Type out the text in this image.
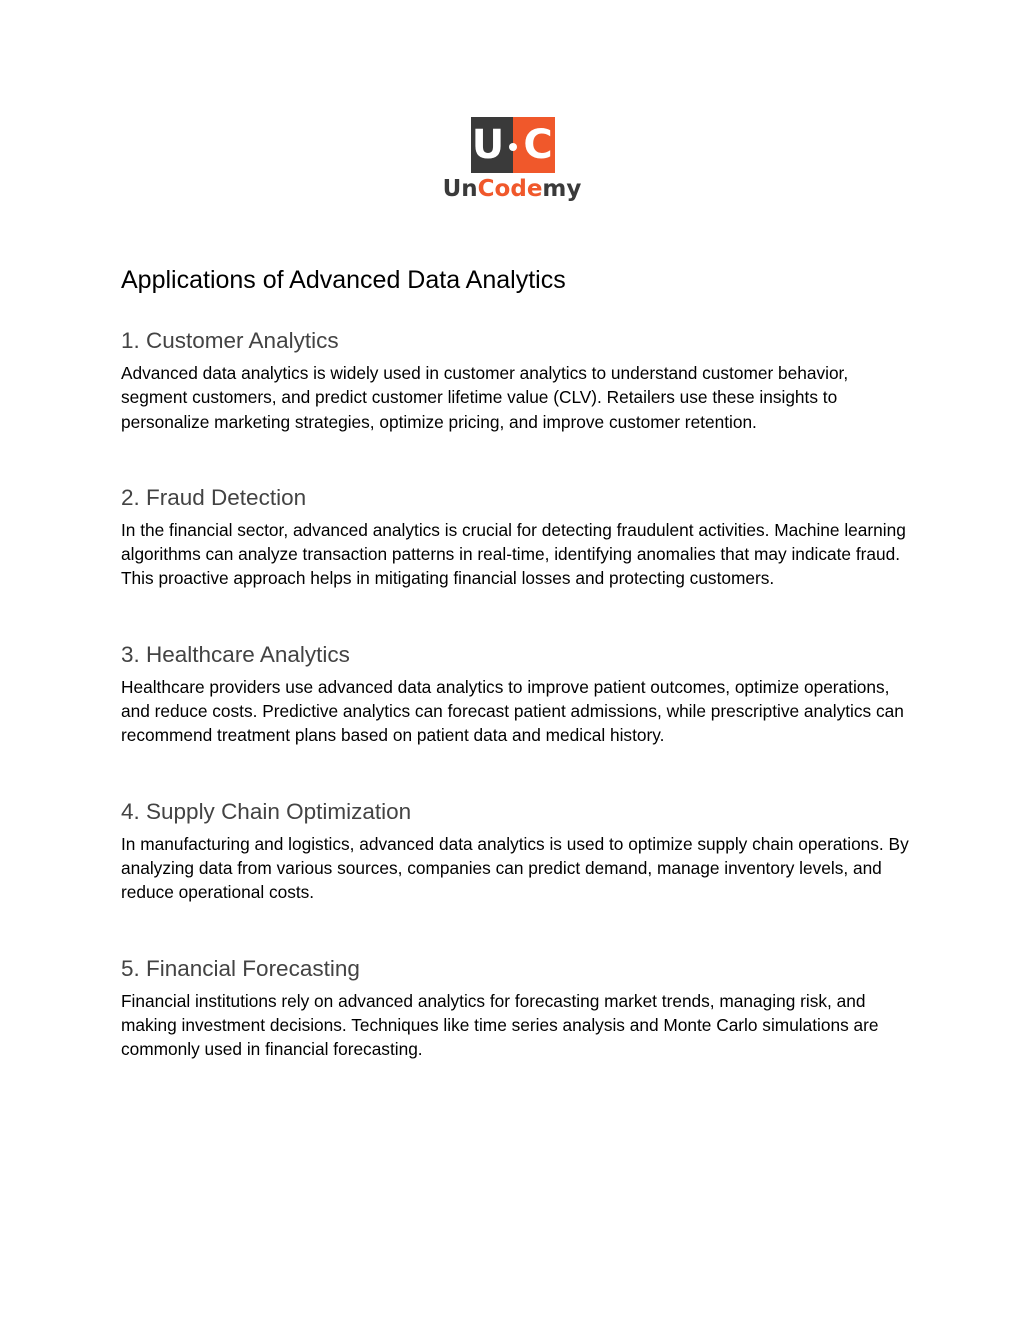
U C
UnCodemy
Applications of Advanced Data Analytics
1. Customer Analytics

Advanced data analytics is widely used in customer analytics to understand customer behavior, segment customers, and predict customer lifetime value (CLV). Retailers use these insights to personalize marketing strategies, optimize pricing, and improve customer retention.

2. Fraud Detection

In the financial sector, advanced analytics is crucial for detecting fraudulent activities. Machine learning algorithms can analyze transaction patterns in real-time, identifying anomalies that may indicate fraud. This proactive approach helps in mitigating financial losses and protecting customers.

3. Healthcare Analytics

Healthcare providers use advanced data analytics to improve patient outcomes, optimize operations, and reduce costs. Predictive analytics can forecast patient admissions, while prescriptive analytics can recommend treatment plans based on patient data and medical history.

4. Supply Chain Optimization

In manufacturing and logistics, advanced data analytics is used to optimize supply chain operations. By analyzing data from various sources, companies can predict demand, manage inventory levels, and reduce operational costs.

5. Financial Forecasting

Financial institutions rely on advanced analytics for forecasting market trends, managing risk, and making investment decisions. Techniques like time series analysis and Monte Carlo simulations are commonly used in financial forecasting.
